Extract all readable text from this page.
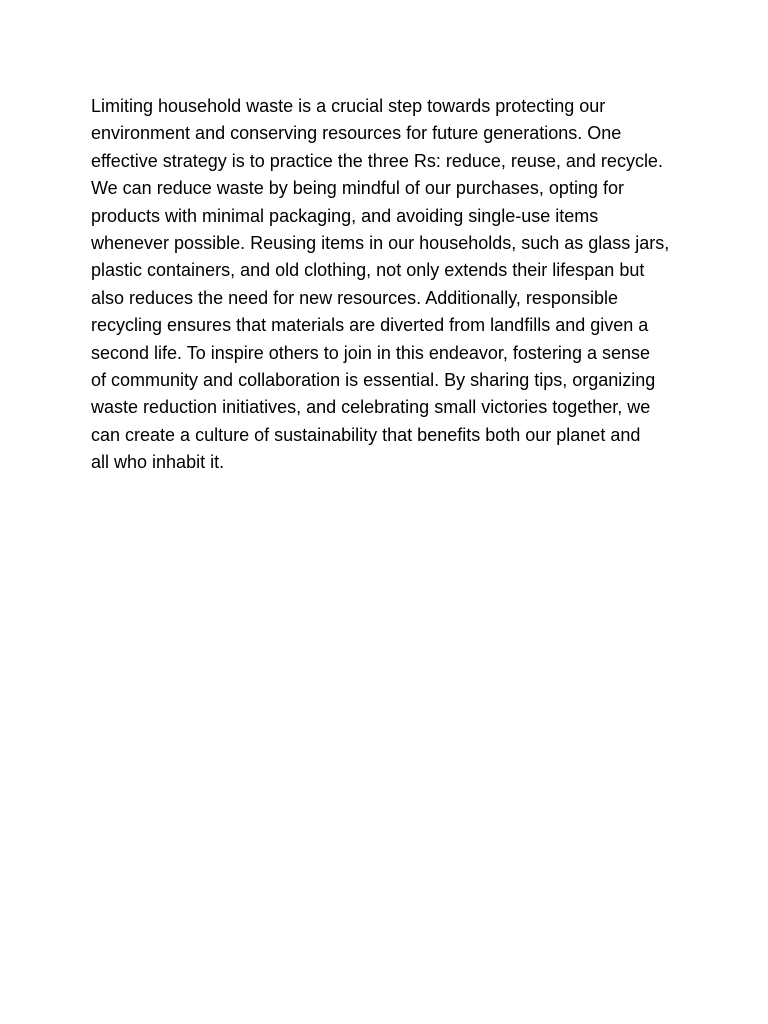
Limiting household waste is a crucial step towards protecting our
environment and conserving resources for future generations. One
effective strategy is to practice the three Rs: reduce, reuse, and recycle.
We can reduce waste by being mindful of our purchases, opting for
products with minimal packaging, and avoiding single-use items
whenever possible. Reusing items in our households, such as glass jars,
plastic containers, and old clothing, not only extends their lifespan but
also reduces the need for new resources. Additionally, responsible
recycling ensures that materials are diverted from landfills and given a
second life. To inspire others to join in this endeavor, fostering a sense
of community and collaboration is essential. By sharing tips, organizing
waste reduction initiatives, and celebrating small victories together, we
can create a culture of sustainability that benefits both our planet and
all who inhabit it.
